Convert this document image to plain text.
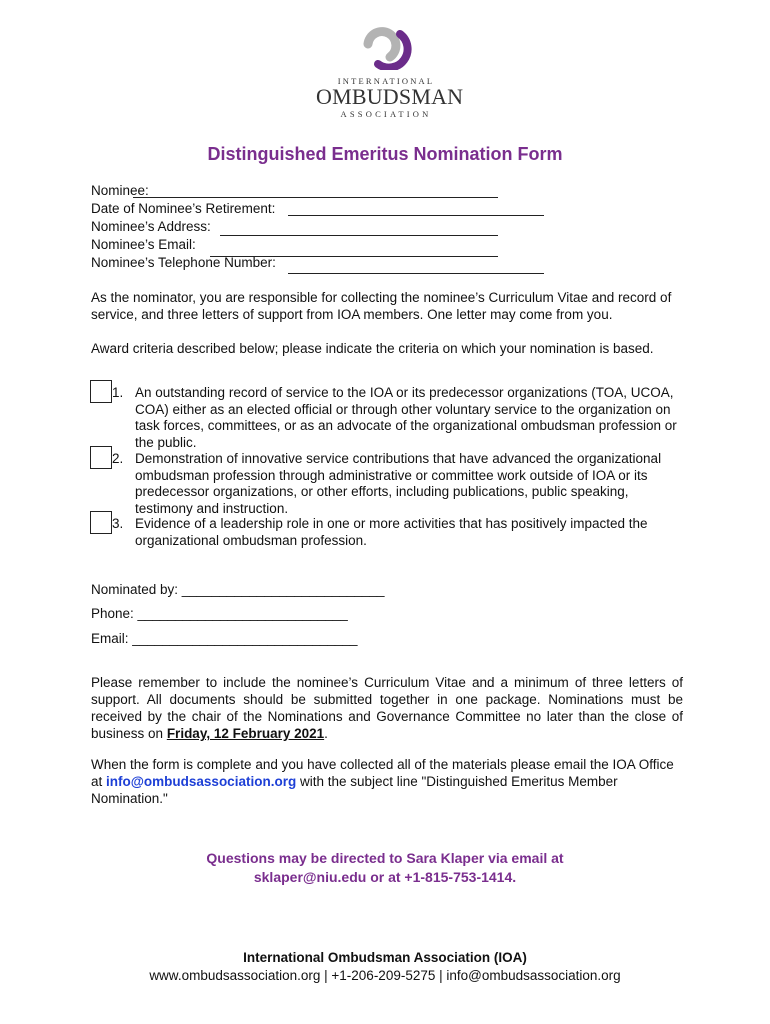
INTERNATIONAL
OMBUDSMAN
ASSOCIATION
Distinguished Emeritus Nomination Form
Nominee:
Date of Nominee’s Retirement:
Nominee’s Address:
Nominee’s Email:
Nominee’s Telephone Number:
As the nominator, you are responsible for collecting the nominee’s Curriculum Vitae and record of service, and three letters of support from IOA members. One letter may come from you.
Award criteria described below; please indicate the criteria on which your nomination is based.
1. An outstanding record of service to the IOA or its predecessor organizations (TOA, UCOA, COA) either as an elected official or through other voluntary service to the organization on task forces, committees, or as an advocate of the organizational ombudsman profession or the public.
2. Demonstration of innovative service contributions that have advanced the organizational ombudsman profession through administrative or committee work outside of IOA or its predecessor organizations, or other efforts, including publications, public speaking, testimony and instruction.
3. Evidence of a leadership role in one or more activities that has positively impacted the organizational ombudsman profession.
Nominated by: ___________________________
Phone: ____________________________
Email: ______________________________
Please remember to include the nominee’s Curriculum Vitae and a minimum of three letters of support. All documents should be submitted together in one package. Nominations must be received by the chair of the Nominations and Governance Committee no later than the close of business on Friday, 12 February 2021.
When the form is complete and you have collected all of the materials please email the IOA Office at info@ombudsassociation.org with the subject line "Distinguished Emeritus Member Nomination."
Questions may be directed to Sara Klaper via email at
sklaper@niu.edu or at +1-815-753-1414.
International Ombudsman Association (IOA)
www.ombudsassociation.org | +1-206-209-5275 | info@ombudsassociation.org
